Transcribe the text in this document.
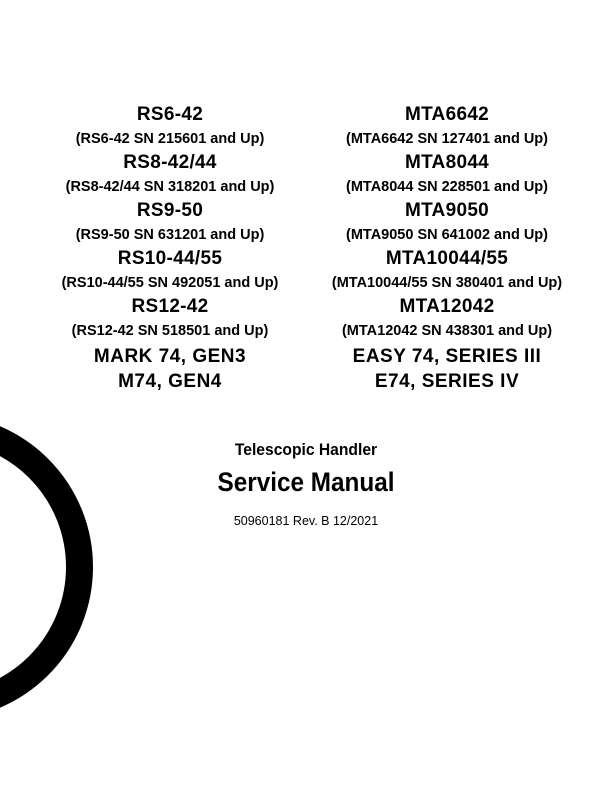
RS6-42
(RS6-42 SN 215601 and Up)
RS8-42/44
(RS8-42/44 SN 318201 and Up)
RS9-50
(RS9-50 SN 631201 and Up)
RS10-44/55
(RS10-44/55 SN 492051 and Up)
RS12-42
(RS12-42 SN 518501 and Up)
MARK 74, GEN3
M74, GEN4
MTA6642
(MTA6642 SN 127401 and Up)
MTA8044
(MTA8044 SN 228501 and Up)
MTA9050
(MTA9050 SN 641002 and Up)
MTA10044/55
(MTA10044/55 SN 380401 and Up)
MTA12042
(MTA12042 SN 438301 and Up)
EASY 74, SERIES III
E74, SERIES IV
Telescopic Handler
Service Manual
50960181 Rev. B 12/2021
